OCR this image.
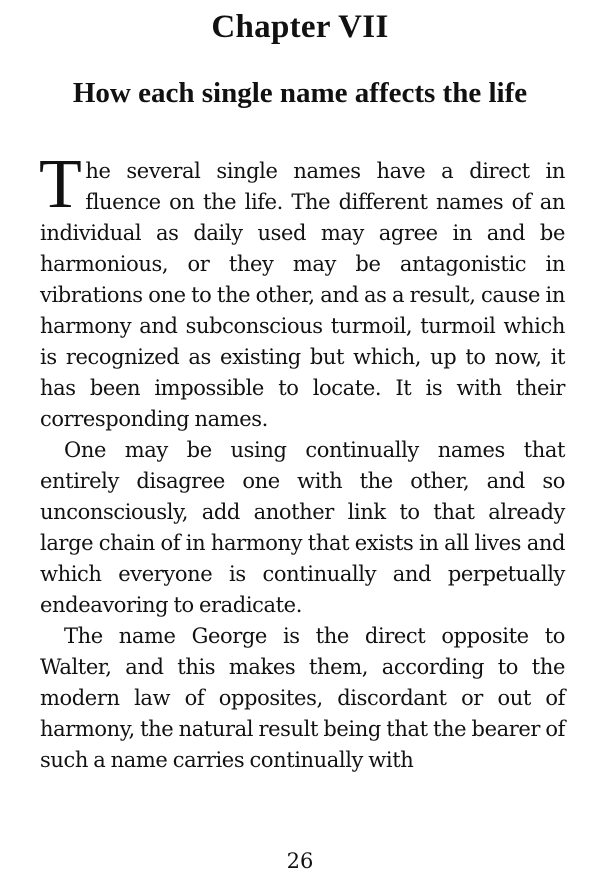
Chapter VII
How each single name affects the life

The several single names have a direct in fluence on the life. The different names of an individual as daily used may agree in and be harmonious, or they may be antagonistic in vibrations one to the other, and as a result, cause in harmony and subconscious turmoil, turmoil which is recognized as existing but which, up to now, it has been impossible to locate. It is with their corresponding names.

One may be using continually names that entirely disagree one with the other, and so unconsciously, add another link to that already large chain of in harmony that exists in all lives and which everyone is continually and perpetually endeavoring to eradicate.

The name George is the direct opposite to Walter, and this makes them, according to the modern law of opposites, discordant or out of harmony, the natural result being that the bearer of such a name carries continually with

26
